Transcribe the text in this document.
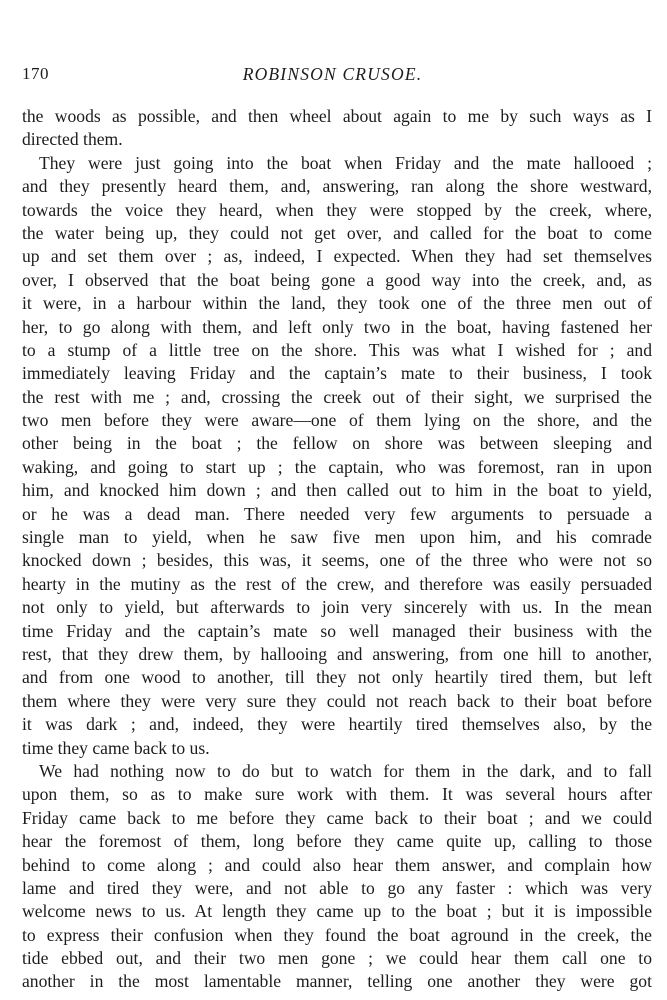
170	ROBINSON CRUSOE.
the woods as possible, and then wheel about again to me by such ways as I
directed them.
They were just going into the boat when Friday and the mate hallooed ;
and they presently heard them, and, answering, ran along the shore westward,
towards the voice they heard, when they were stopped by the creek, where,
the water being up, they could not get over, and called for the boat to come
up and set them over ; as, indeed, I expected. When they had set themselves
over, I observed that the boat being gone a good way into the creek, and, as
it were, in a harbour within the land, they took one of the three men out of
her, to go along with them, and left only two in the boat, having fastened her
to a stump of a little tree on the shore. This was what I wished for ; and
immediately leaving Friday and the captain’s mate to their business, I took
the rest with me ; and, crossing the creek out of their sight, we surprised the
two men before they were aware—one of them lying on the shore, and the
other being in the boat ; the fellow on shore was between sleeping and
waking, and going to start up ; the captain, who was foremost, ran in upon
him, and knocked him down ; and then called out to him in the boat to yield,
or he was a dead man. There needed very few arguments to persuade a
single man to yield, when he saw five men upon him, and his comrade
knocked down ; besides, this was, it seems, one of the three who were not so
hearty in the mutiny as the rest of the crew, and therefore was easily persuaded
not only to yield, but afterwards to join very sincerely with us. In the mean
time Friday and the captain’s mate so well managed their business with the
rest, that they drew them, by hallooing and answering, from one hill to another,
and from one wood to another, till they not only heartily tired them, but left
them where they were very sure they could not reach back to their boat before
it was dark ; and, indeed, they were heartily tired themselves also, by the
time they came back to us.
We had nothing now to do but to watch for them in the dark, and to fall
upon them, so as to make sure work with them. It was several hours after
Friday came back to me before they came back to their boat ; and we could
hear the foremost of them, long before they came quite up, calling to those
behind to come along ; and could also hear them answer, and complain how
lame and tired they were, and not able to go any faster : which was very
welcome news to us. At length they came up to the boat ; but it is impossible
to express their confusion when they found the boat aground in the creek, the
tide ebbed out, and their two men gone ; we could hear them call one to
another in the most lamentable manner, telling one another they were got
